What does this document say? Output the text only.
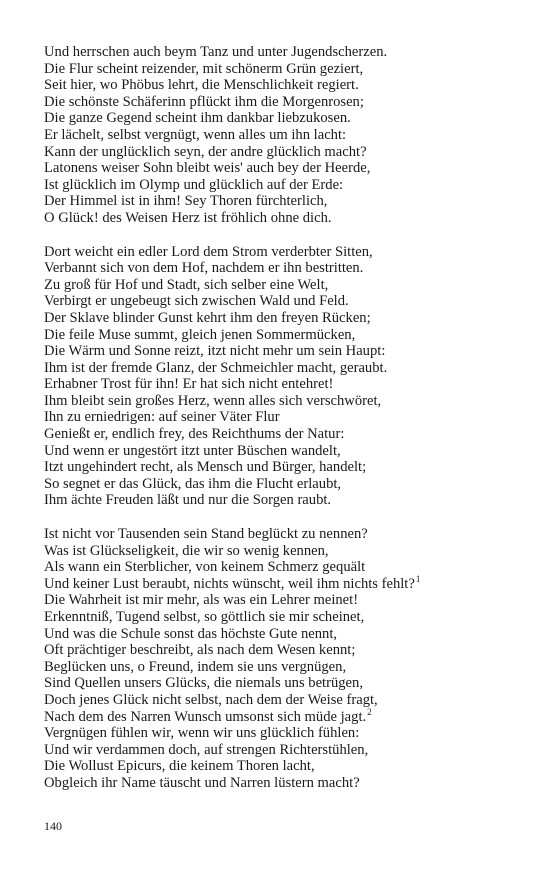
Und herrschen auch beym Tanz und unter Jugendscherzen.
Die Flur scheint reizender, mit schönerm Grün geziert,
Seit hier, wo Phöbus lehrt, die Menschlichkeit regiert.
Die schönste Schäferinn pflückt ihm die Morgenrosen;
Die ganze Gegend scheint ihm dankbar liebzukosen.
Er lächelt, selbst vergnügt, wenn alles um ihn lacht:
Kann der unglücklich seyn, der andre glücklich macht?
Latonens weiser Sohn bleibt weis' auch bey der Heerde,
Ist glücklich im Olymp und glücklich auf der Erde:
Der Himmel ist in ihm! Sey Thoren fürchterlich,
O Glück! des Weisen Herz ist fröhlich ohne dich.

Dort weicht ein edler Lord dem Strom verderbter Sitten,
Verbannt sich von dem Hof, nachdem er ihn bestritten.
Zu groß für Hof und Stadt, sich selber eine Welt,
Verbirgt er ungebeugt sich zwischen Wald und Feld.
Der Sklave blinder Gunst kehrt ihm den freyen Rücken;
Die feile Muse summt, gleich jenen Sommermücken,
Die Wärm und Sonne reizt, itzt nicht mehr um sein Haupt:
Ihm ist der fremde Glanz, der Schmeichler macht, geraubt.
Erhabner Trost für ihn! Er hat sich nicht entehret!
Ihm bleibt sein großes Herz, wenn alles sich verschwöret,
Ihn zu erniedrigen: auf seiner Väter Flur
Genießt er, endlich frey, des Reichthums der Natur:
Und wenn er ungestört itzt unter Büschen wandelt,
Itzt ungehindert recht, als Mensch und Bürger, handelt;
So segnet er das Glück, das ihm die Flucht erlaubt,
Ihm ächte Freuden läßt und nur die Sorgen raubt.

Ist nicht vor Tausenden sein Stand beglückt zu nennen?
Was ist Glückseligkeit, die wir so wenig kennen,
Als wann ein Sterblicher, von keinem Schmerz gequält
Und keiner Lust beraubt, nichts wünscht, weil ihm nichts fehlt?$^1$
Die Wahrheit ist mir mehr, als was ein Lehrer meinet!
Erkenntniß, Tugend selbst, so göttlich sie mir scheinet,
Und was die Schule sonst das höchste Gute nennt,
Oft prächtiger beschreibt, als nach dem Wesen kennt;
Beglücken uns, o Freund, indem sie uns vergnügen,
Sind Quellen unsers Glücks, die niemals uns betrügen,
Doch jenes Glück nicht selbst, nach dem der Weise fragt,
Nach dem des Narren Wunsch umsonst sich müde jagt.$^2$
Vergnügen fühlen wir, wenn wir uns glücklich fühlen:
Und wir verdammen doch, auf strengen Richterstühlen,
Die Wollust Epicurs, die keinem Thoren lacht,
Obgleich ihr Name täuscht und Narren lüstern macht?

140
